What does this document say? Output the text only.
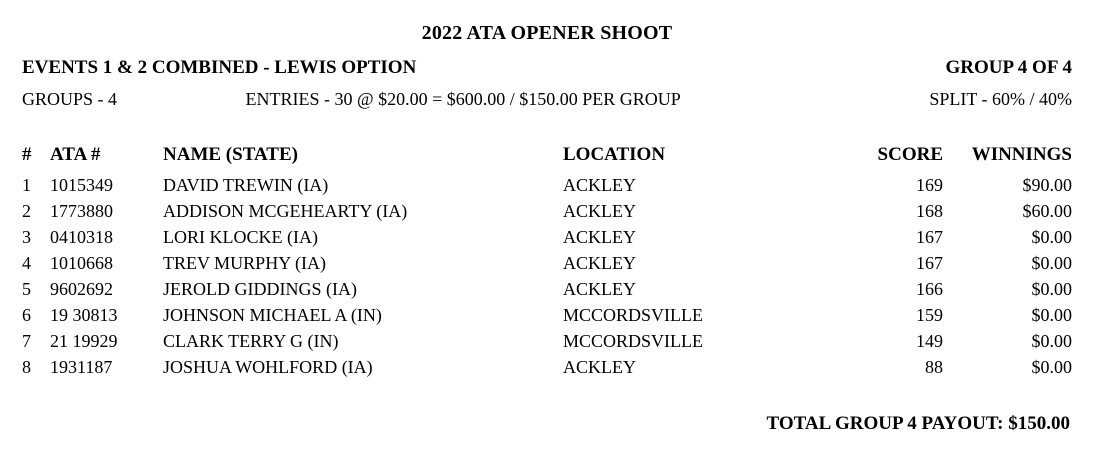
2022 ATA OPENER SHOOT
EVENTS 1 & 2 COMBINED - LEWIS OPTION	GROUP 4 OF 4
GROUPS - 4	ENTRIES - 30 @ $20.00 = $600.00 / $150.00 PER GROUP	SPLIT - 60% / 40%
#	ATA #	NAME (STATE)	LOCATION	SCORE	WINNINGS
1	1015349	DAVID TREWIN (IA)	ACKLEY	169	$90.00
2	1773880	ADDISON MCGEHEARTY (IA)	ACKLEY	168	$60.00
3	0410318	LORI KLOCKE (IA)	ACKLEY	167	$0.00
4	1010668	TREV MURPHY (IA)	ACKLEY	167	$0.00
5	9602692	JEROLD GIDDINGS (IA)	ACKLEY	166	$0.00
6	19 30813	JOHNSON MICHAEL A (IN)	MCCORDSVILLE	159	$0.00
7	21 19929	CLARK TERRY G (IN)	MCCORDSVILLE	149	$0.00
8	1931187	JOSHUA WOHLFORD (IA)	ACKLEY	88	$0.00
TOTAL GROUP 4 PAYOUT: $150.00
